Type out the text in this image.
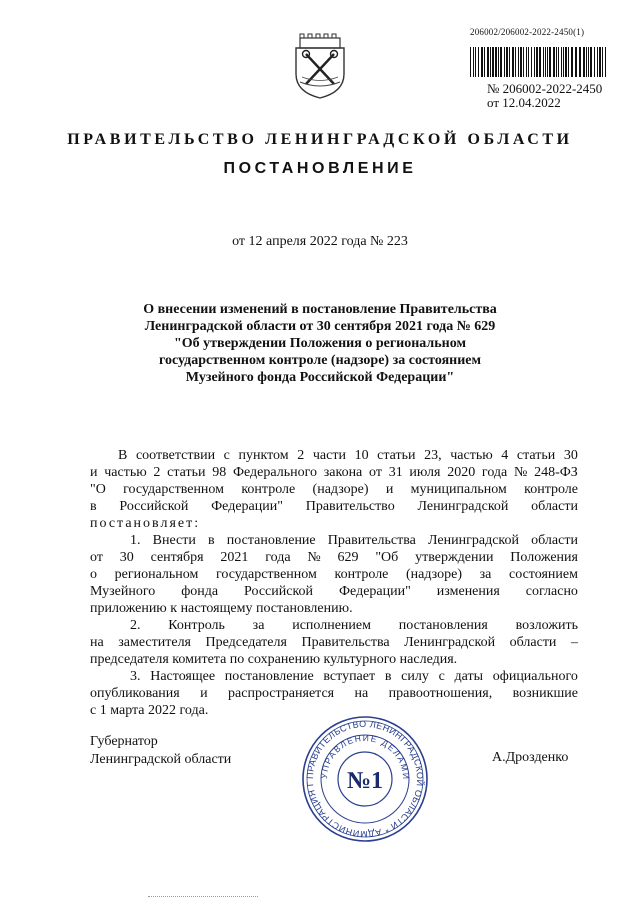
206002/206002-2022-2450(1)
№ 206002-2022-2450
от 12.04.2022
ПРАВИТЕЛЬСТВО ЛЕНИНГРАДСКОЙ ОБЛАСТИ
ПОСТАНОВЛЕНИЕ
от 12 апреля 2022 года № 223
О внесении изменений в постановление Правительства
Ленинградской области от 30 сентября 2021 года № 629
"Об утверждении Положения о региональном
государственном контроле (надзоре) за состоянием
Музейного фонда Российской Федерации"
В соответствии с пунктом 2 части 10 статьи 23, частью 4 статьи 30
и частью 2 статьи 98 Федерального закона от 31 июля 2020 года № 248-ФЗ
"О государственном контроле (надзоре) и муниципальном контроле
в Российской Федерации" Правительство Ленинградской области
постановляет:
1. Внести в постановление Правительства Ленинградской области
от 30 сентября 2021 года № 629 "Об утверждении Положения
о региональном государственном контроле (надзоре) за состоянием
Музейного фонда Российской Федерации" изменения согласно
приложению к настоящему постановлению.
2. Контроль за исполнением постановления возложить
на заместителя Председателя Правительства Ленинградской области –
председателя комитета по сохранению культурного наследия.
3. Настоящее постановление вступает в силу с даты официального
опубликования и распространяется на правоотношения, возникшие
с 1 марта 2022 года.
Губернатор
Ленинградской области	А.Дрозденко
ПРАВИТЕЛЬСТВО ЛЕНИНГРАДСКОЙ ОБЛАСТИ * АДМИНИСТРАЦИЯ Г
УПРАВЛЕНИЕ ДЕЛАМИ
№1
